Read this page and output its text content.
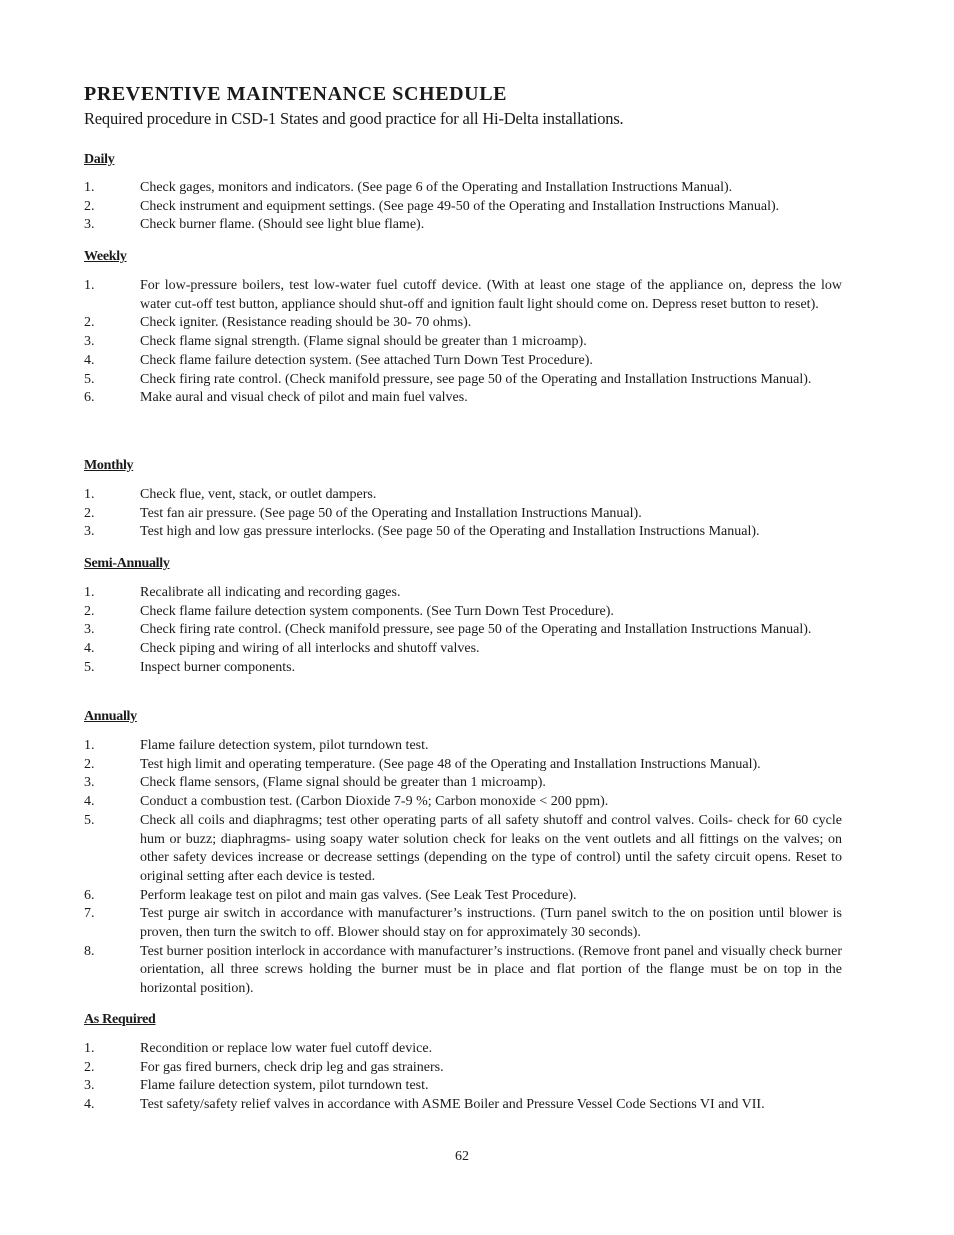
PREVENTIVE MAINTENANCE SCHEDULE
Required procedure in CSD-1 States and good practice for all Hi-Delta installations.
Daily
1.	Check gages, monitors and indicators. (See page 6 of the Operating and Installation Instructions Manual).
2.	Check instrument and equipment settings. (See page 49-50 of the Operating and Installation Instructions Manual).
3.	Check burner flame. (Should see light blue flame).
Weekly
1.	For low-pressure boilers, test low-water fuel cutoff device. (With at least one stage of the appliance on, depress the low water cut-off test button, appliance should shut-off and ignition fault light should come on. Depress reset button to reset).
2.	Check igniter. (Resistance reading should be 30- 70 ohms).
3.	Check flame signal strength. (Flame signal should be greater than 1 microamp).
4.	Check flame failure detection system. (See attached Turn Down Test Procedure).
5.	Check firing rate control. (Check manifold pressure, see page 50 of the Operating and Installation Instructions Manual).
6.	Make aural and visual check of pilot and main fuel valves.
Monthly
1.	Check flue, vent, stack, or outlet dampers.
2.	Test fan air pressure. (See page 50 of the Operating and Installation Instructions Manual).
3.	Test high and low gas pressure interlocks. (See page 50 of the Operating and Installation Instructions Manual).
Semi-Annually
1.	Recalibrate all indicating and recording gages.
2.	Check flame failure detection system components. (See Turn Down Test Procedure).
3.	Check firing rate control. (Check manifold pressure, see page 50 of the Operating and Installation Instructions Manual).
4.	Check piping and wiring of all interlocks and shutoff valves.
5.	Inspect burner components.
Annually
1.	Flame failure detection system, pilot turndown test.
2.	Test high limit and operating temperature. (See page 48 of the Operating and Installation Instructions Manual).
3.	Check flame sensors, (Flame signal should be greater than 1 microamp).
4.	Conduct a combustion test. (Carbon Dioxide 7-9 %; Carbon monoxide < 200 ppm).
5.	Check all coils and diaphragms; test other operating parts of all safety shutoff and control valves. Coils- check for 60 cycle hum or buzz; diaphragms- using soapy water solution check for leaks on the vent outlets and all fittings on the valves; on other safety devices increase or decrease settings (depending on the type of control) until the safety circuit opens. Reset to original setting after each device is tested.
6.	Perform leakage test on pilot and main gas valves. (See Leak Test Procedure).
7.	Test purge air switch in accordance with manufacturer’s instructions. (Turn panel switch to the on position until blower is proven, then turn the switch to off. Blower should stay on for approximately 30 seconds).
8.	Test burner position interlock in accordance with manufacturer’s instructions. (Remove front panel and visually check burner orientation, all three screws holding the burner must be in place and flat portion of the flange must be on top in the horizontal position).
As Required
1.	Recondition or replace low water fuel cutoff device.
2.	For gas fired burners, check drip leg and gas strainers.
3.	Flame failure detection system, pilot turndown test.
4.	Test safety/safety relief valves in accordance with ASME Boiler and Pressure Vessel Code Sections VI and VII.
62
